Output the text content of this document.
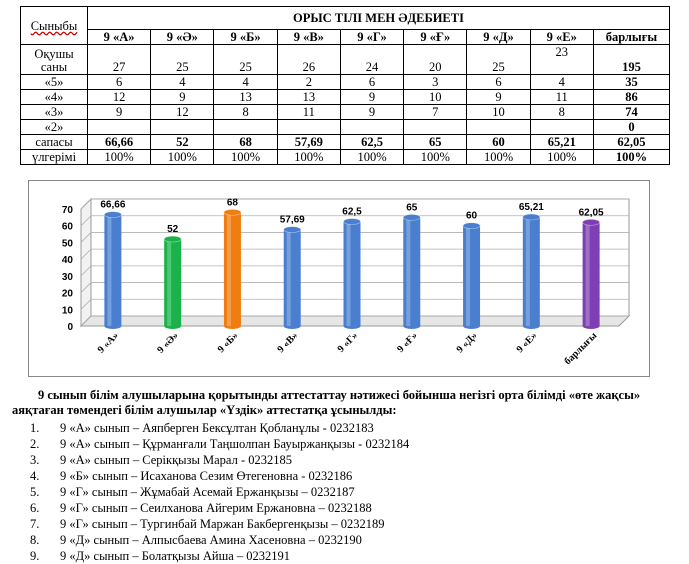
Сыныбы	ОРЫС ТІЛІ МЕН ӘДЕБИЕТІ								
	9 «А»	9 «Ә»	9 «Б»	9 «В»	9 «Г»	9 «Ғ»	9 «Д»	9 «Е»	барлығы
Оқушы саны	27	25	25	26	24	20	25	23	195
«5»	6	4	4	2	6	3	6	4	35
«4»	12	9	13	13	9	10	9	11	86
«3»	9	12	8	11	9	7	10	8	74
«2»									0
сапасы	66,66	52	68	57,69	62,5	65	60	65,21	62,05
үлгерімі	100%	100%	100%	100%	100%	100%	100%	100%	100%
0
10
20
30
40
50
60
70	66,66
9 «А»
52
9 «Ә»
68
9 «Б»
57,69
9 «В»
62,5
9 «Г»
65
9 «Ғ»
60
9 «Д»
65,21
9 «Е»
62,05
барлығы

9 сынып білім алушыларына қорытынды аттестаттау нәтижесі бойынша негізгі орта білімді «өте жақсы» аяқтаған төмендегі білім алушылар «Үздік» аттестатқа ұсынылды:

1. 9 «А» сынып – Аяпберген Бексұлтан Қобланұлы - 0232183
2. 9 «А» сынып – Құрманғали Таңшолпан Бауыржанқызы - 0232184
3. 9 «А» сынып – Серікқызы Марал - 0232185
4. 9 «Б» сынып – Исаханова Сезим Өтегеновна - 0232186
5. 9 «Г» сынып – Жұмабай Асемай Ержанқызы – 0232187
6. 9 «Г» сынып – Сеилханова Айгерим Ержановна – 0232188
7. 9 «Г» сынып – Тургинбай Маржан Бакбергенқызы – 0232189
8. 9 «Д» сынып – Алпысбаева Амина Хасеновна – 0232190
9. 9 «Д» сынып – Болатқызы Айша – 0232191
